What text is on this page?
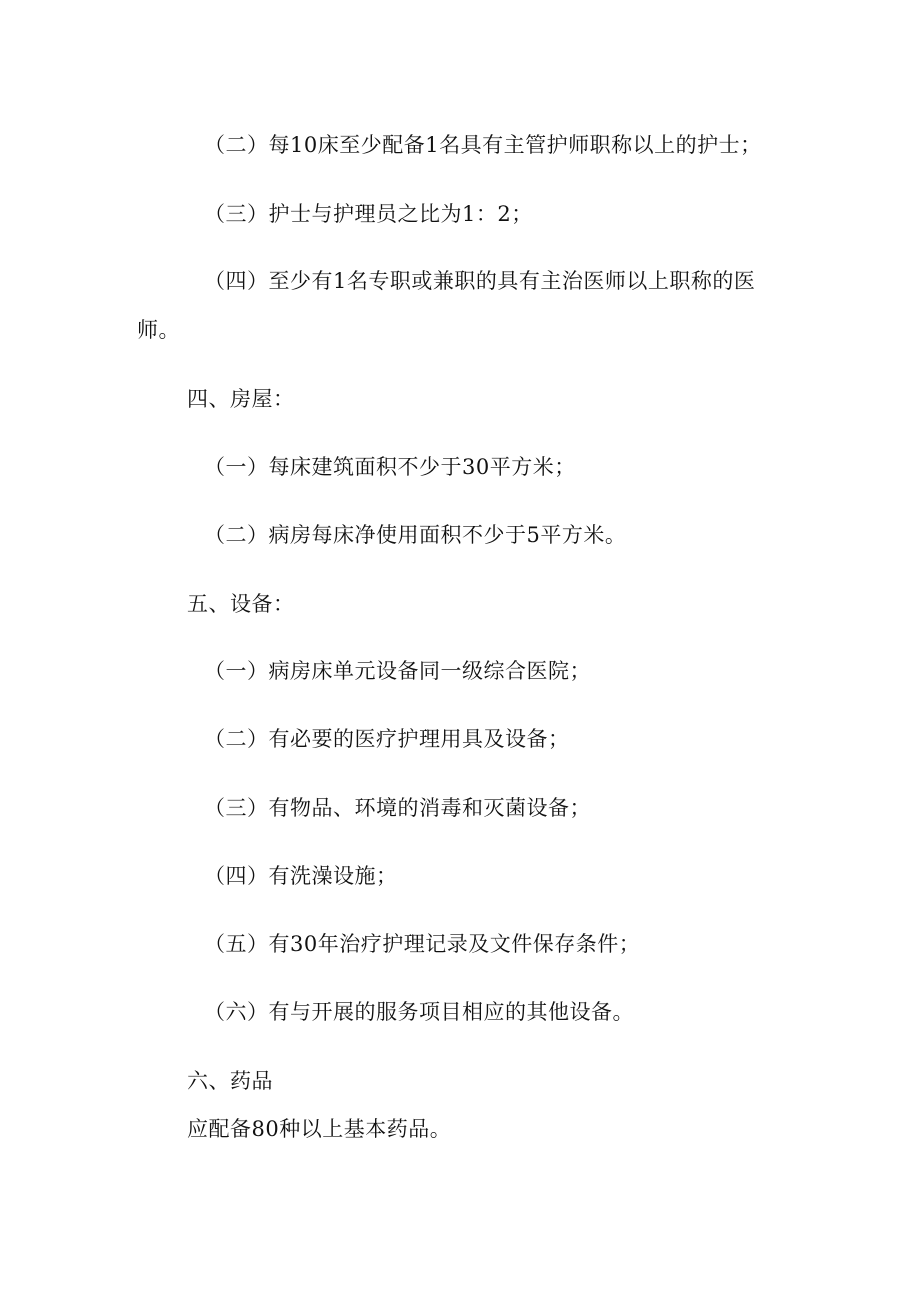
（二）每10床至少配备1名具有主管护师职称以上的护士；
（三）护士与护理员之比为1：2；
（四）至少有1名专职或兼职的具有主治医师以上职称的医
师。
四、房屋：
（一）每床建筑面积不少于30平方米；
（二）病房每床净使用面积不少于5平方米。
五、设备：
（一）病房床单元设备同一级综合医院；
（二）有必要的医疗护理用具及设备；
（三）有物品、环境的消毒和灭菌设备；
（四）有洗澡设施；
（五）有30年治疗护理记录及文件保存条件；
（六）有与开展的服务项目相应的其他设备。
六、药品
应配备80种以上基本药品。
